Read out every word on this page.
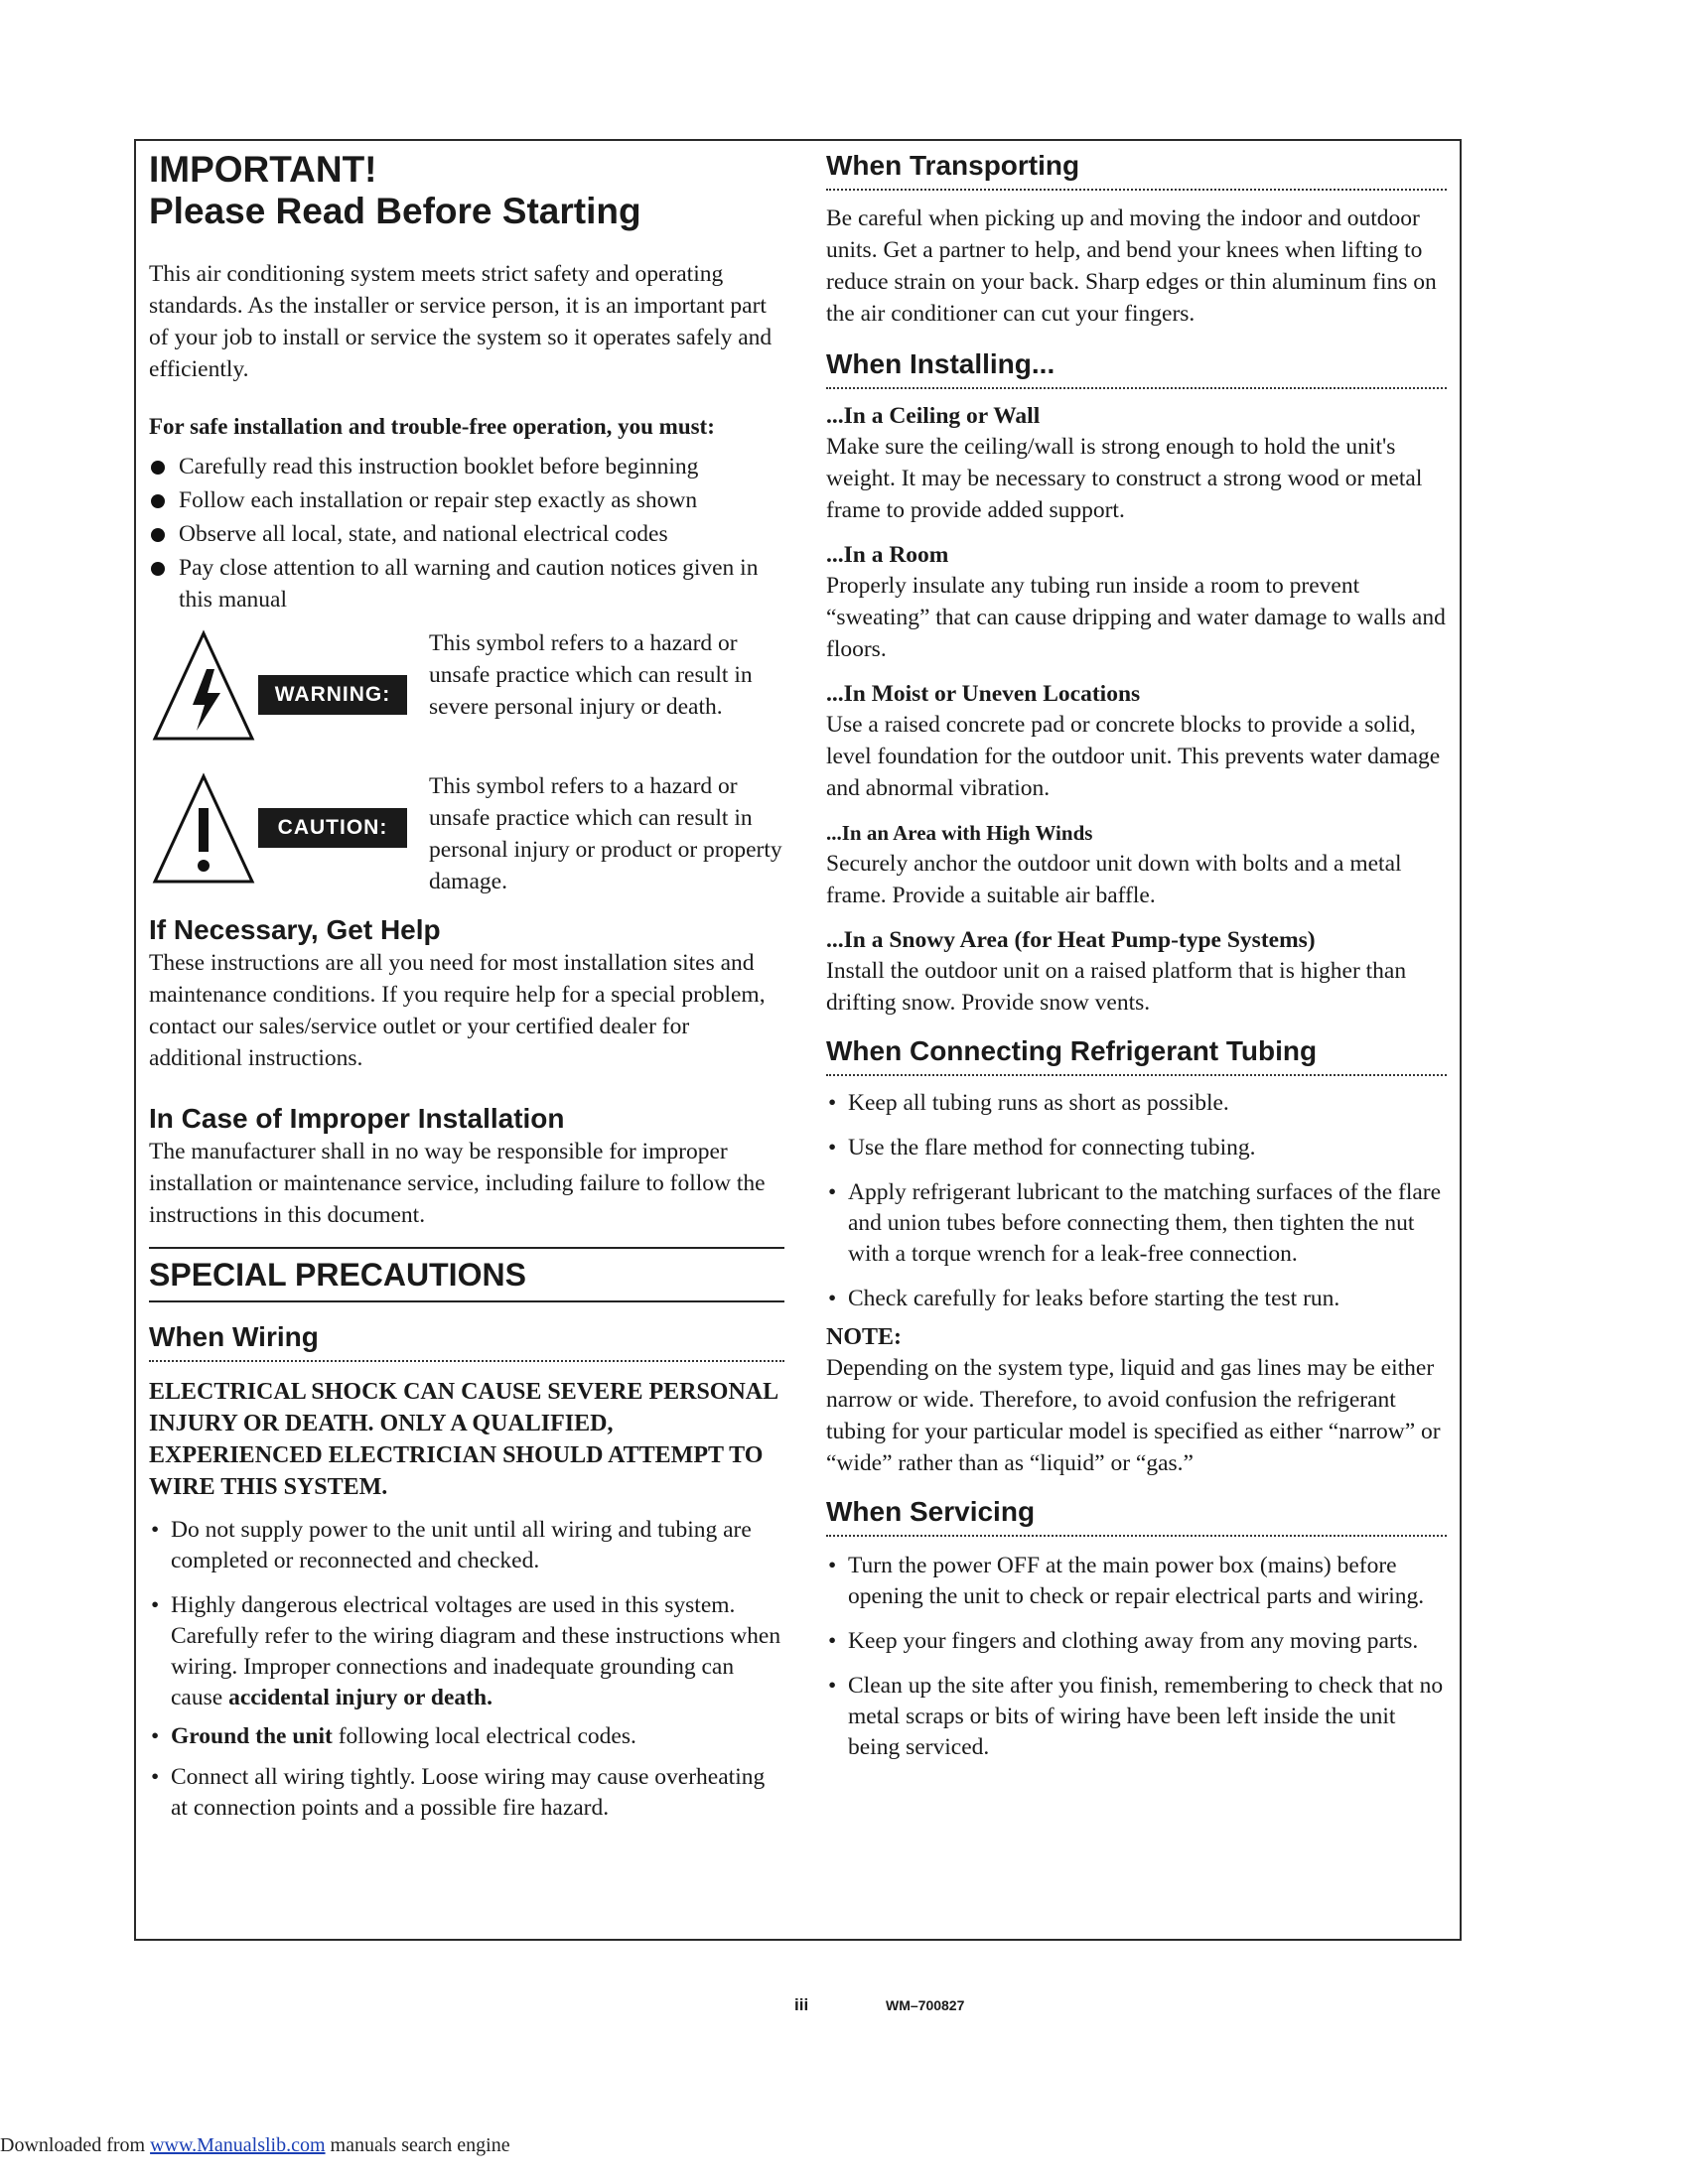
IMPORTANT!
Please Read Before Starting

This air conditioning system meets strict safety and operating standards. As the installer or service person, it is an important part of your job to install or service the system so it operates safely and efficiently.

For safe installation and trouble-free operation, you must:

Carefully read this instruction booklet before beginning
Follow each installation or repair step exactly as shown
Observe all local, state, and national electrical codes
Pay close attention to all warning and caution notices given in this manual
WARNING:
This symbol refers to a hazard or unsafe practice which can result in severe personal injury or death.
CAUTION:
This symbol refers to a hazard or unsafe practice which can result in personal injury or product or property damage.
If Necessary, Get Help

These instructions are all you need for most installation sites and maintenance conditions. If you require help for a special problem, contact our sales/service outlet or your certified dealer for additional instructions.

In Case of Improper Installation

The manufacturer shall in no way be responsible for improper installation or maintenance service, including failure to follow the instructions in this document.

SPECIAL PRECAUTIONS
When Wiring

ELECTRICAL SHOCK CAN CAUSE SEVERE PERSONAL INJURY OR DEATH. ONLY A QUALIFIED, EXPERIENCED ELECTRICIAN SHOULD ATTEMPT TO WIRE THIS SYSTEM.

• Do not supply power to the unit until all wiring and tubing are completed or reconnected and checked.
• Highly dangerous electrical voltages are used in this system. Carefully refer to the wiring diagram and these instructions when wiring. Improper connections and inadequate grounding can cause accidental injury or death.
• Ground the unit following local electrical codes.
• Connect all wiring tightly. Loose wiring may cause overheating at connection points and a possible fire hazard.
When Transporting

Be careful when picking up and moving the indoor and outdoor units. Get a partner to help, and bend your knees when lifting to reduce strain on your back. Sharp edges or thin aluminum fins on the air conditioner can cut your fingers.

When Installing...

...In a Ceiling or Wall

Make sure the ceiling/wall is strong enough to hold the unit's weight. It may be necessary to construct a strong wood or metal frame to provide added support.

...In a Room

Properly insulate any tubing run inside a room to prevent “sweating” that can cause dripping and water damage to walls and floors.

...In Moist or Uneven Locations

Use a raised concrete pad or concrete blocks to provide a solid, level foundation for the outdoor unit. This prevents water damage and abnormal vibration.

...In an Area with High Winds

Securely anchor the outdoor unit down with bolts and a metal frame. Provide a suitable air baffle.

...In a Snowy Area (for Heat Pump-type Systems)

Install the outdoor unit on a raised platform that is higher than drifting snow. Provide snow vents.

When Connecting Refrigerant Tubing
• Keep all tubing runs as short as possible.
• Use the flare method for connecting tubing.
• Apply refrigerant lubricant to the matching surfaces of the flare and union tubes before connecting them, then tighten the nut with a torque wrench for a leak-free connection.
• Check carefully for leaks before starting the test run.

NOTE:

Depending on the system type, liquid and gas lines may be either narrow or wide. Therefore, to avoid confusion the refrigerant tubing for your particular model is specified as either “narrow” or “wide” rather than as “liquid” or “gas.”

When Servicing
• Turn the power OFF at the main power box (mains) before opening the unit to check or repair electrical parts and wiring.
• Keep your fingers and clothing away from any moving parts.
• Clean up the site after you finish, remembering to check that no metal scraps or bits of wiring have been left inside the unit being serviced.
iii	WM–700827
Downloaded from www.Manualslib.com manuals search engine
